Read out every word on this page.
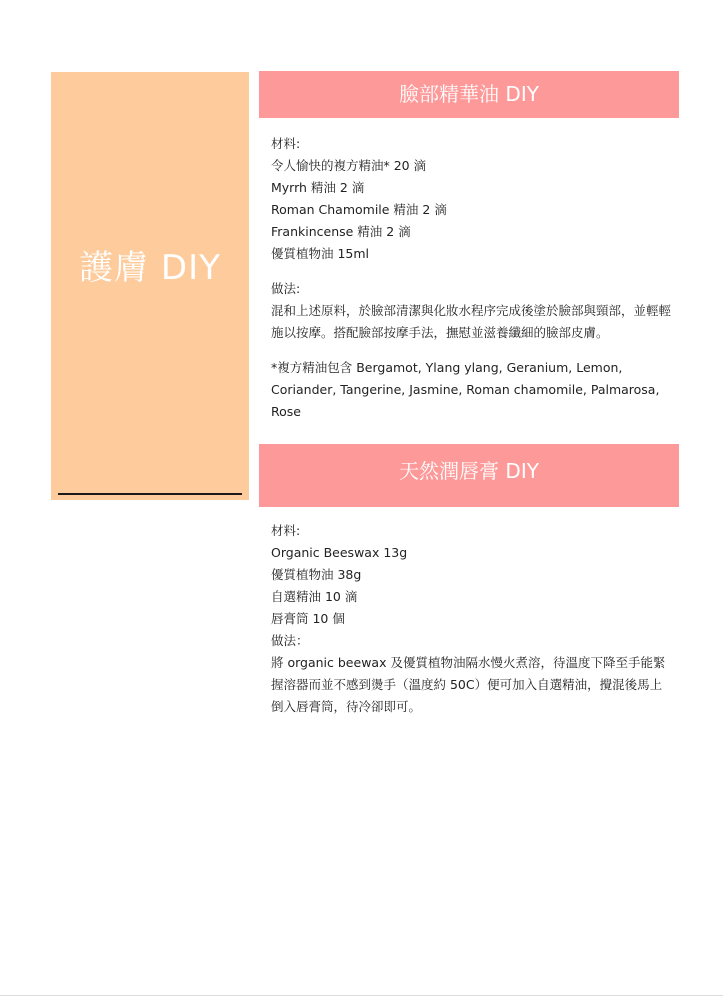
護膚 DIY
臉部精華油 DIY
材料:
令人愉快的複方精油* 20 滴
Myrrh 精油 2 滴
Roman Chamomile 精油 2 滴
Frankincense 精油 2 滴
優質植物油 15ml
做法:
混和上述原料，於臉部清潔與化妝水程序完成後塗於臉部與頸部，並輕輕施以按摩。搭配臉部按摩手法，撫慰並滋養纖細的臉部皮膚。
*複方精油包含 Bergamot, Ylang ylang, Geranium, Lemon, Coriander, Tangerine, Jasmine, Roman chamomile, Palmarosa, Rose
天然潤唇膏 DIY
材料:
Organic Beeswax 13g
優質植物油 38g
自選精油 10 滴
唇膏筒 10 個
做法：
將 organic beewax 及優質植物油隔水慢火煮溶，待溫度下降至手能緊握溶器而並不感到燙手（溫度約 50C）便可加入自選精油，攪混後馬上倒入唇膏筒，待冷卻即可。
